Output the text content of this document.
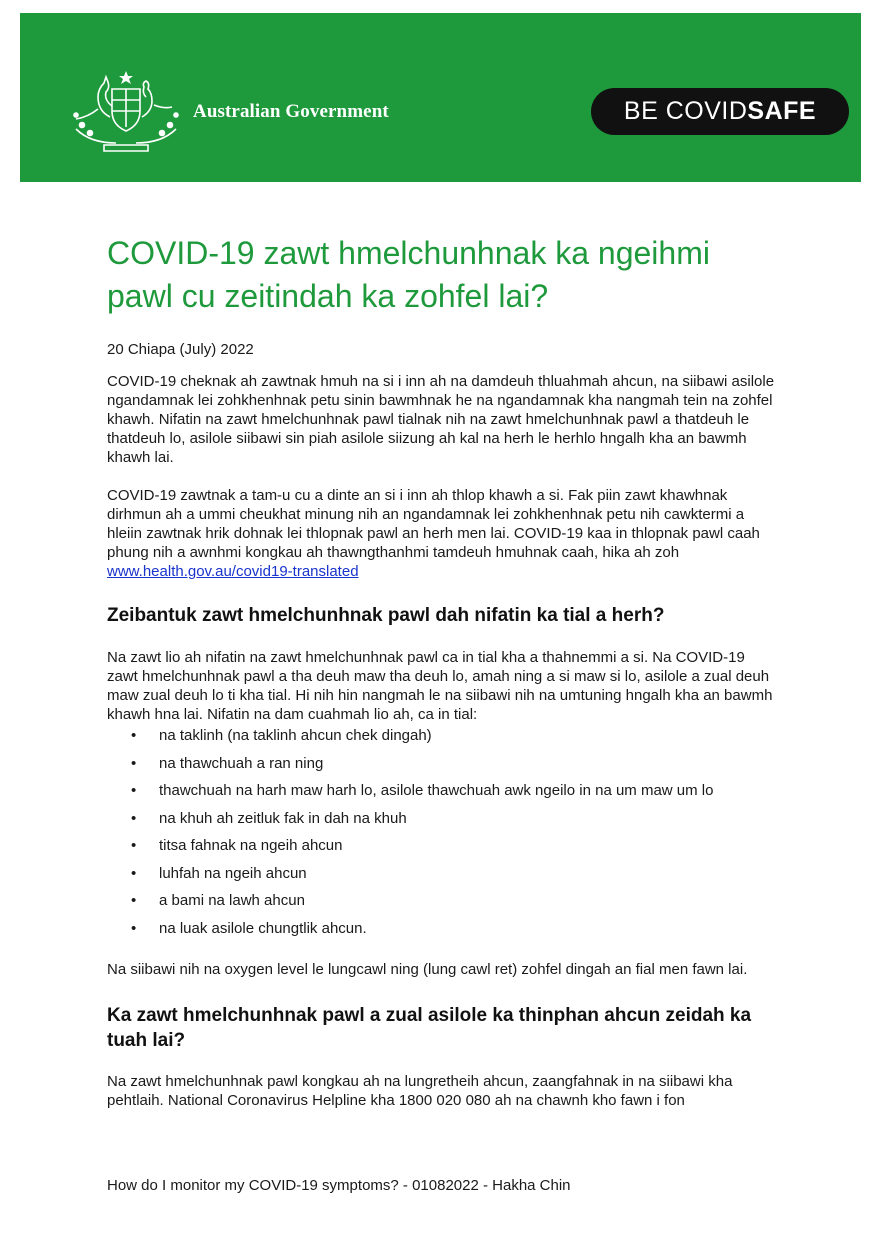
Australian Government	BE COVID SAFE
COVID-19 zawt hmelchunhnak ka ngeihmi pawl cu zeitindah ka zohfel lai?
20 Chiapa (July) 2022

COVID-19 cheknak ah zawtnak hmuh na si i inn ah na damdeuh thluahmah ahcun, na siibawi asilole ngandamnak lei zohkhenhnak petu sinin bawmhnak he na ngandamnak kha nangmah tein na zohfel khawh. Nifatin na zawt hmelchunhnak pawl tialnak nih na zawt hmelchunhnak pawl a thatdeuh le thatdeuh lo, asilole siibawi sin piah asilole siizung ah kal na herh le herhlo hngalh kha an bawmh khawh lai.

COVID-19 zawtnak a tam-u cu a dinte an si i inn ah thlop khawh a si. Fak piin zawt khawhnak dirhmun ah a ummi cheukhat minung nih an ngandamnak lei zohkhenhnak petu nih cawktermi a hleiin zawtnak hrik dohnak lei thlopnak pawl an herh men lai. COVID-19 kaa in thlopnak pawl caah phung nih a awnhmi kongkau ah thawngthanhmi tamdeuh hmuhnak caah, hika ah zoh www.health.gov.au/covid19-translated

Zeibantuk zawt hmelchunhnak pawl dah nifatin ka tial a herh?

Na zawt lio ah nifatin na zawt hmelchunhnak pawl ca in tial kha a thahnemmi a si. Na COVID-19 zawt hmelchunhnak pawl a tha deuh maw tha deuh lo, amah ning a si maw si lo, asilole a zual deuh maw zual deuh lo ti kha tial. Hi nih hin nangmah le na siibawi nih na umtuning hngalh kha an bawmh khawh hna lai. Nifatin na dam cuahmah lio ah, ca in tial:

• na taklinh (na taklinh ahcun chek dingah)
• na thawchuah a ran ning
• thawchuah na harh maw harh lo, asilole thawchuah awk ngeilo in na um maw um lo
• na khuh ah zeitluk fak in dah na khuh
• titsa fahnak na ngeih ahcun
• luhfah na ngeih ahcun
• a bami na lawh ahcun
• na luak asilole chungtlik ahcun.

Na siibawi nih na oxygen level le lungcawl ning (lung cawl ret) zohfel dingah an fial men fawn lai.

Ka zawt hmelchunhnak pawl a zual asilole ka thinphan ahcun zeidah ka tuah lai?

Na zawt hmelchunhnak pawl kongkau ah na lungretheih ahcun, zaangfahnak in na siibawi kha pehtlaih. National Coronavirus Helpline kha 1800 020 080 ah na chawnh kho fawn i fon

How do I monitor my COVID-19 symptoms? - 01082022 - Hakha Chin
